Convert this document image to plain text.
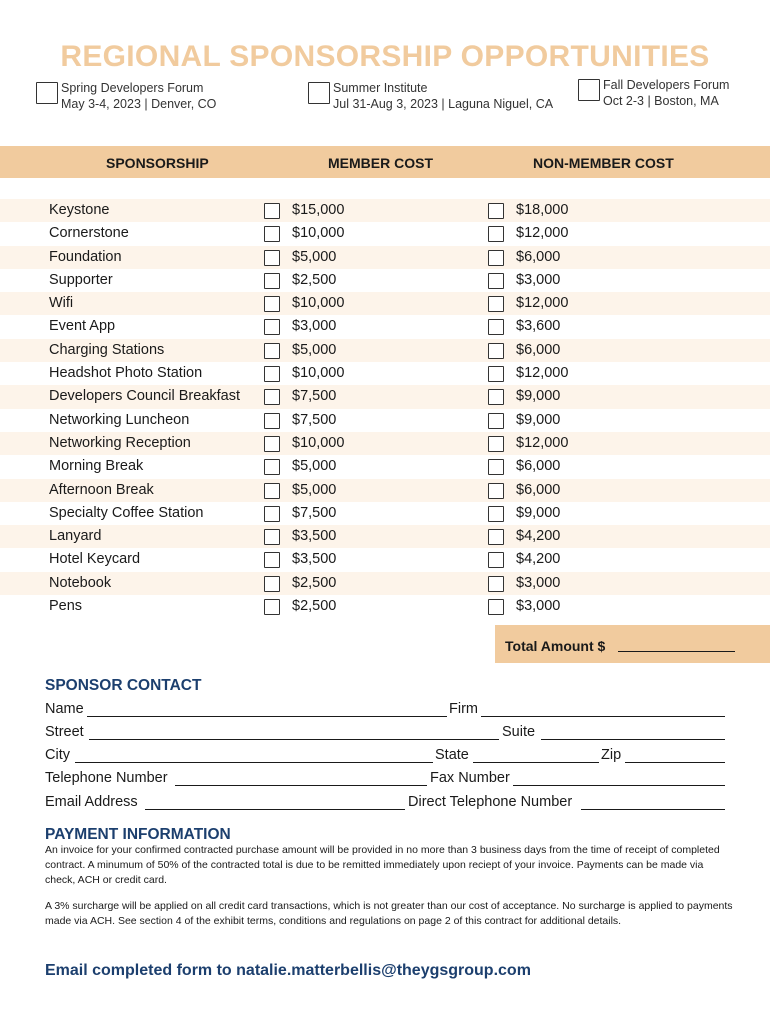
REGIONAL SPONSORSHIP OPPORTUNITIES
Spring Developers Forum
May 3-4, 2023 | Denver, CO
Summer Institute
Jul 31-Aug 3, 2023 | Laguna Niguel, CA
Fall Developers Forum
Oct 2-3 | Boston, MA
SPONSORSHIP	MEMBER COST	NON-MEMBER COST
Keystone	$15,000	$18,000
Cornerstone	$10,000	$12,000
Foundation	$5,000	$6,000
Supporter	$2,500	$3,000
Wifi	$10,000	$12,000
Event App	$3,000	$3,600
Charging Stations	$5,000	$6,000
Headshot Photo Station	$10,000	$12,000
Developers Council Breakfast	$7,500	$9,000
Networking Luncheon	$7,500	$9,000
Networking Reception	$10,000	$12,000
Morning Break	$5,000	$6,000
Afternoon Break	$5,000	$6,000
Specialty Coffee Station	$7,500	$9,000
Lanyard	$3,500	$4,200
Hotel Keycard	$3,500	$4,200
Notebook	$2,500	$3,000
Pens	$2,500	$3,000
Total Amount $
SPONSOR CONTACT
Name	Firm
Street	Suite
City	State	Zip
Telephone Number	Fax Number
Email Address	Direct Telephone Number
PAYMENT INFORMATION
An invoice for your confirmed contracted purchase amount will be provided in no more than 3 business days from the time of receipt of completed contract. A minumum of 50% of the contracted total is due to be remitted immediately upon reciept of your invoice. Payments can be made via check, ACH or credit card.
A 3% surcharge will be applied on all credit card transactions, which is not greater than our cost of acceptance. No surcharge is applied to payments made via ACH. See section 4 of the exhibit terms, conditions and regulations on page 2 of this contract for additional details.
Email completed form to natalie.matterbellis@theygsgroup.com
